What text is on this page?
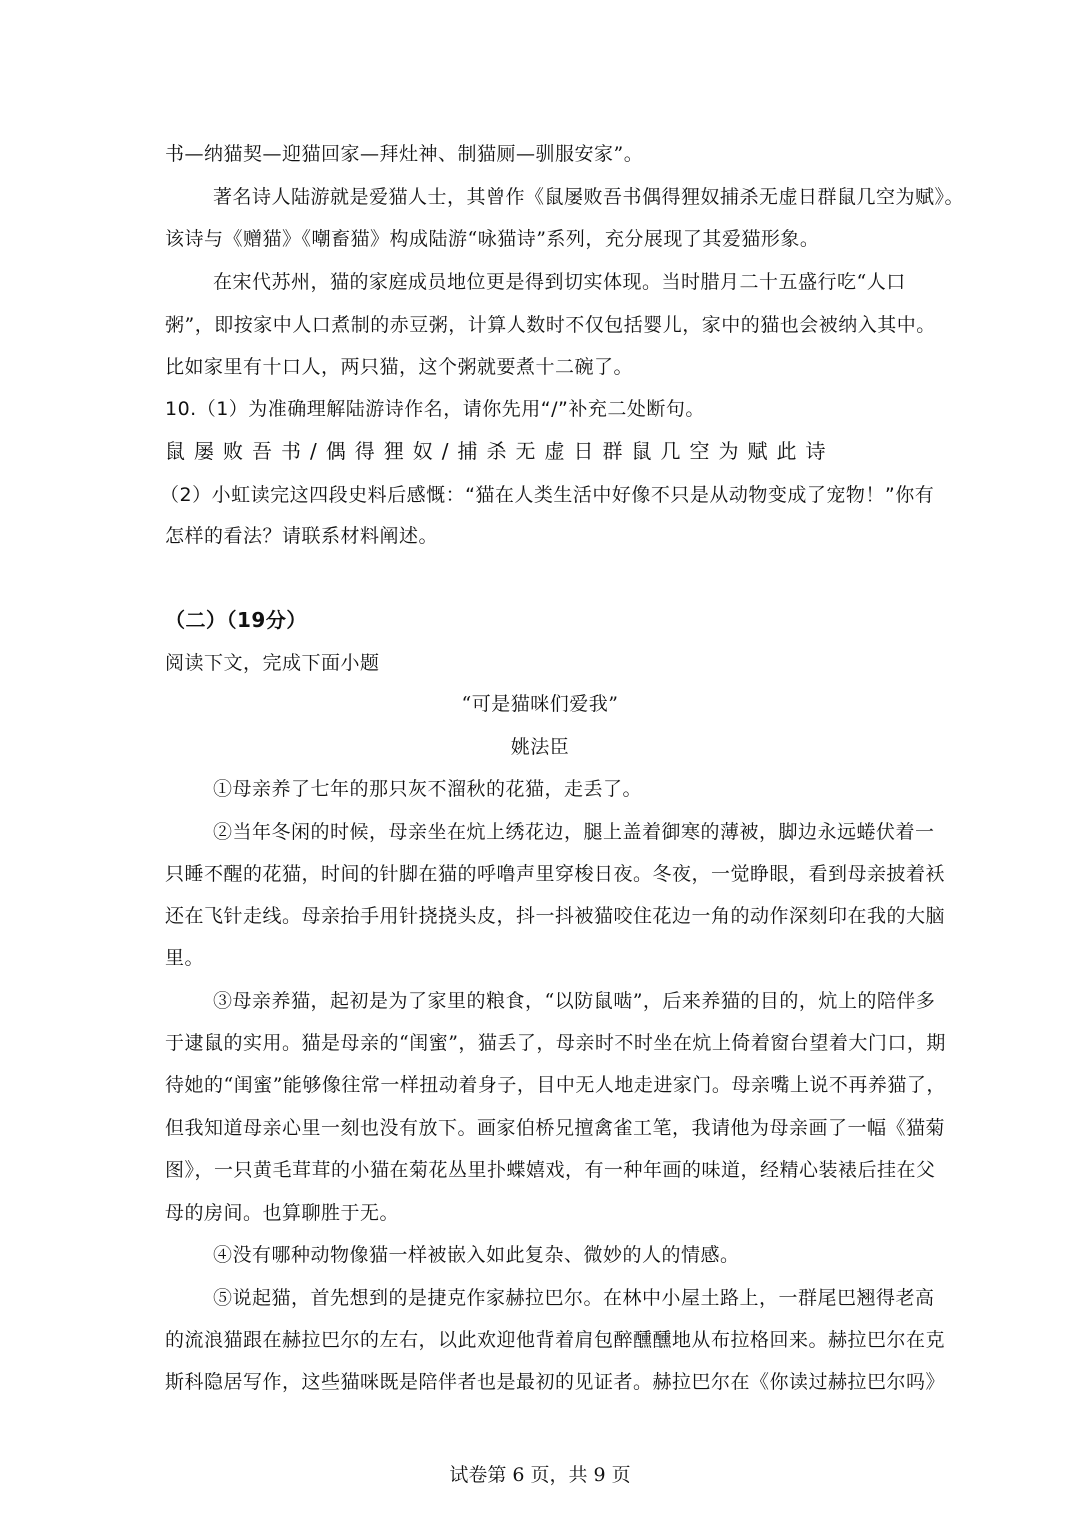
书—纳猫契—迎猫回家—拜灶神、制猫厕—驯服安家”。
著名诗人陆游就是爱猫人士，其曾作《鼠屡败吾书偶得狸奴捕杀无虚日群鼠几空为赋》。
该诗与《赠猫》《嘲畜猫》构成陆游“咏猫诗”系列，充分展现了其爱猫形象。
在宋代苏州，猫的家庭成员地位更是得到切实体现。当时腊月二十五盛行吃“人口
粥”，即按家中人口煮制的赤豆粥，计算人数时不仅包括婴儿，家中的猫也会被纳入其中。
比如家里有十口人，两只猫，这个粥就要煮十二碗了。
10.（1）为准确理解陆游诗作名，请你先用“/”补充二处断句。
鼠屡败吾书/偶得狸奴/捕杀无虚日群鼠几空为赋此诗
（2）小虹读完这四段史料后感慨：“猫在人类生活中好像不只是从动物变成了宠物！”你有
怎样的看法？请联系材料阐述。
（二）（19分）
阅读下文，完成下面小题
“可是猫咪们爱我”
姚法臣
①母亲养了七年的那只灰不溜秋的花猫，走丢了。
②当年冬闲的时候，母亲坐在炕上绣花边，腿上盖着御寒的薄被，脚边永远蜷伏着一
只睡不醒的花猫，时间的针脚在猫的呼噜声里穿梭日夜。冬夜，一觉睁眼，看到母亲披着袄
还在飞针走线。母亲抬手用针挠挠头皮，抖一抖被猫咬住花边一角的动作深刻印在我的大脑
里。
③母亲养猫，起初是为了家里的粮食，“以防鼠啮”，后来养猫的目的，炕上的陪伴多
于逮鼠的实用。猫是母亲的“闺蜜”，猫丢了，母亲时不时坐在炕上倚着窗台望着大门口，期
待她的“闺蜜”能够像往常一样扭动着身子，目中无人地走进家门。母亲嘴上说不再养猫了，
但我知道母亲心里一刻也没有放下。画家伯桥兄擅禽雀工笔，我请他为母亲画了一幅《猫菊
图》，一只黄毛茸茸的小猫在菊花丛里扑蝶嬉戏，有一种年画的味道，经精心装裱后挂在父
母的房间。也算聊胜于无。
④没有哪种动物像猫一样被嵌入如此复杂、微妙的人的情感。
⑤说起猫，首先想到的是捷克作家赫拉巴尔。在林中小屋土路上，一群尾巴翘得老高
的流浪猫跟在赫拉巴尔的左右，以此欢迎他背着肩包醉醺醺地从布拉格回来。赫拉巴尔在克
斯科隐居写作，这些猫咪既是陪伴者也是最初的见证者。赫拉巴尔在《你读过赫拉巴尔吗》
试卷第 6 页，共 9 页
